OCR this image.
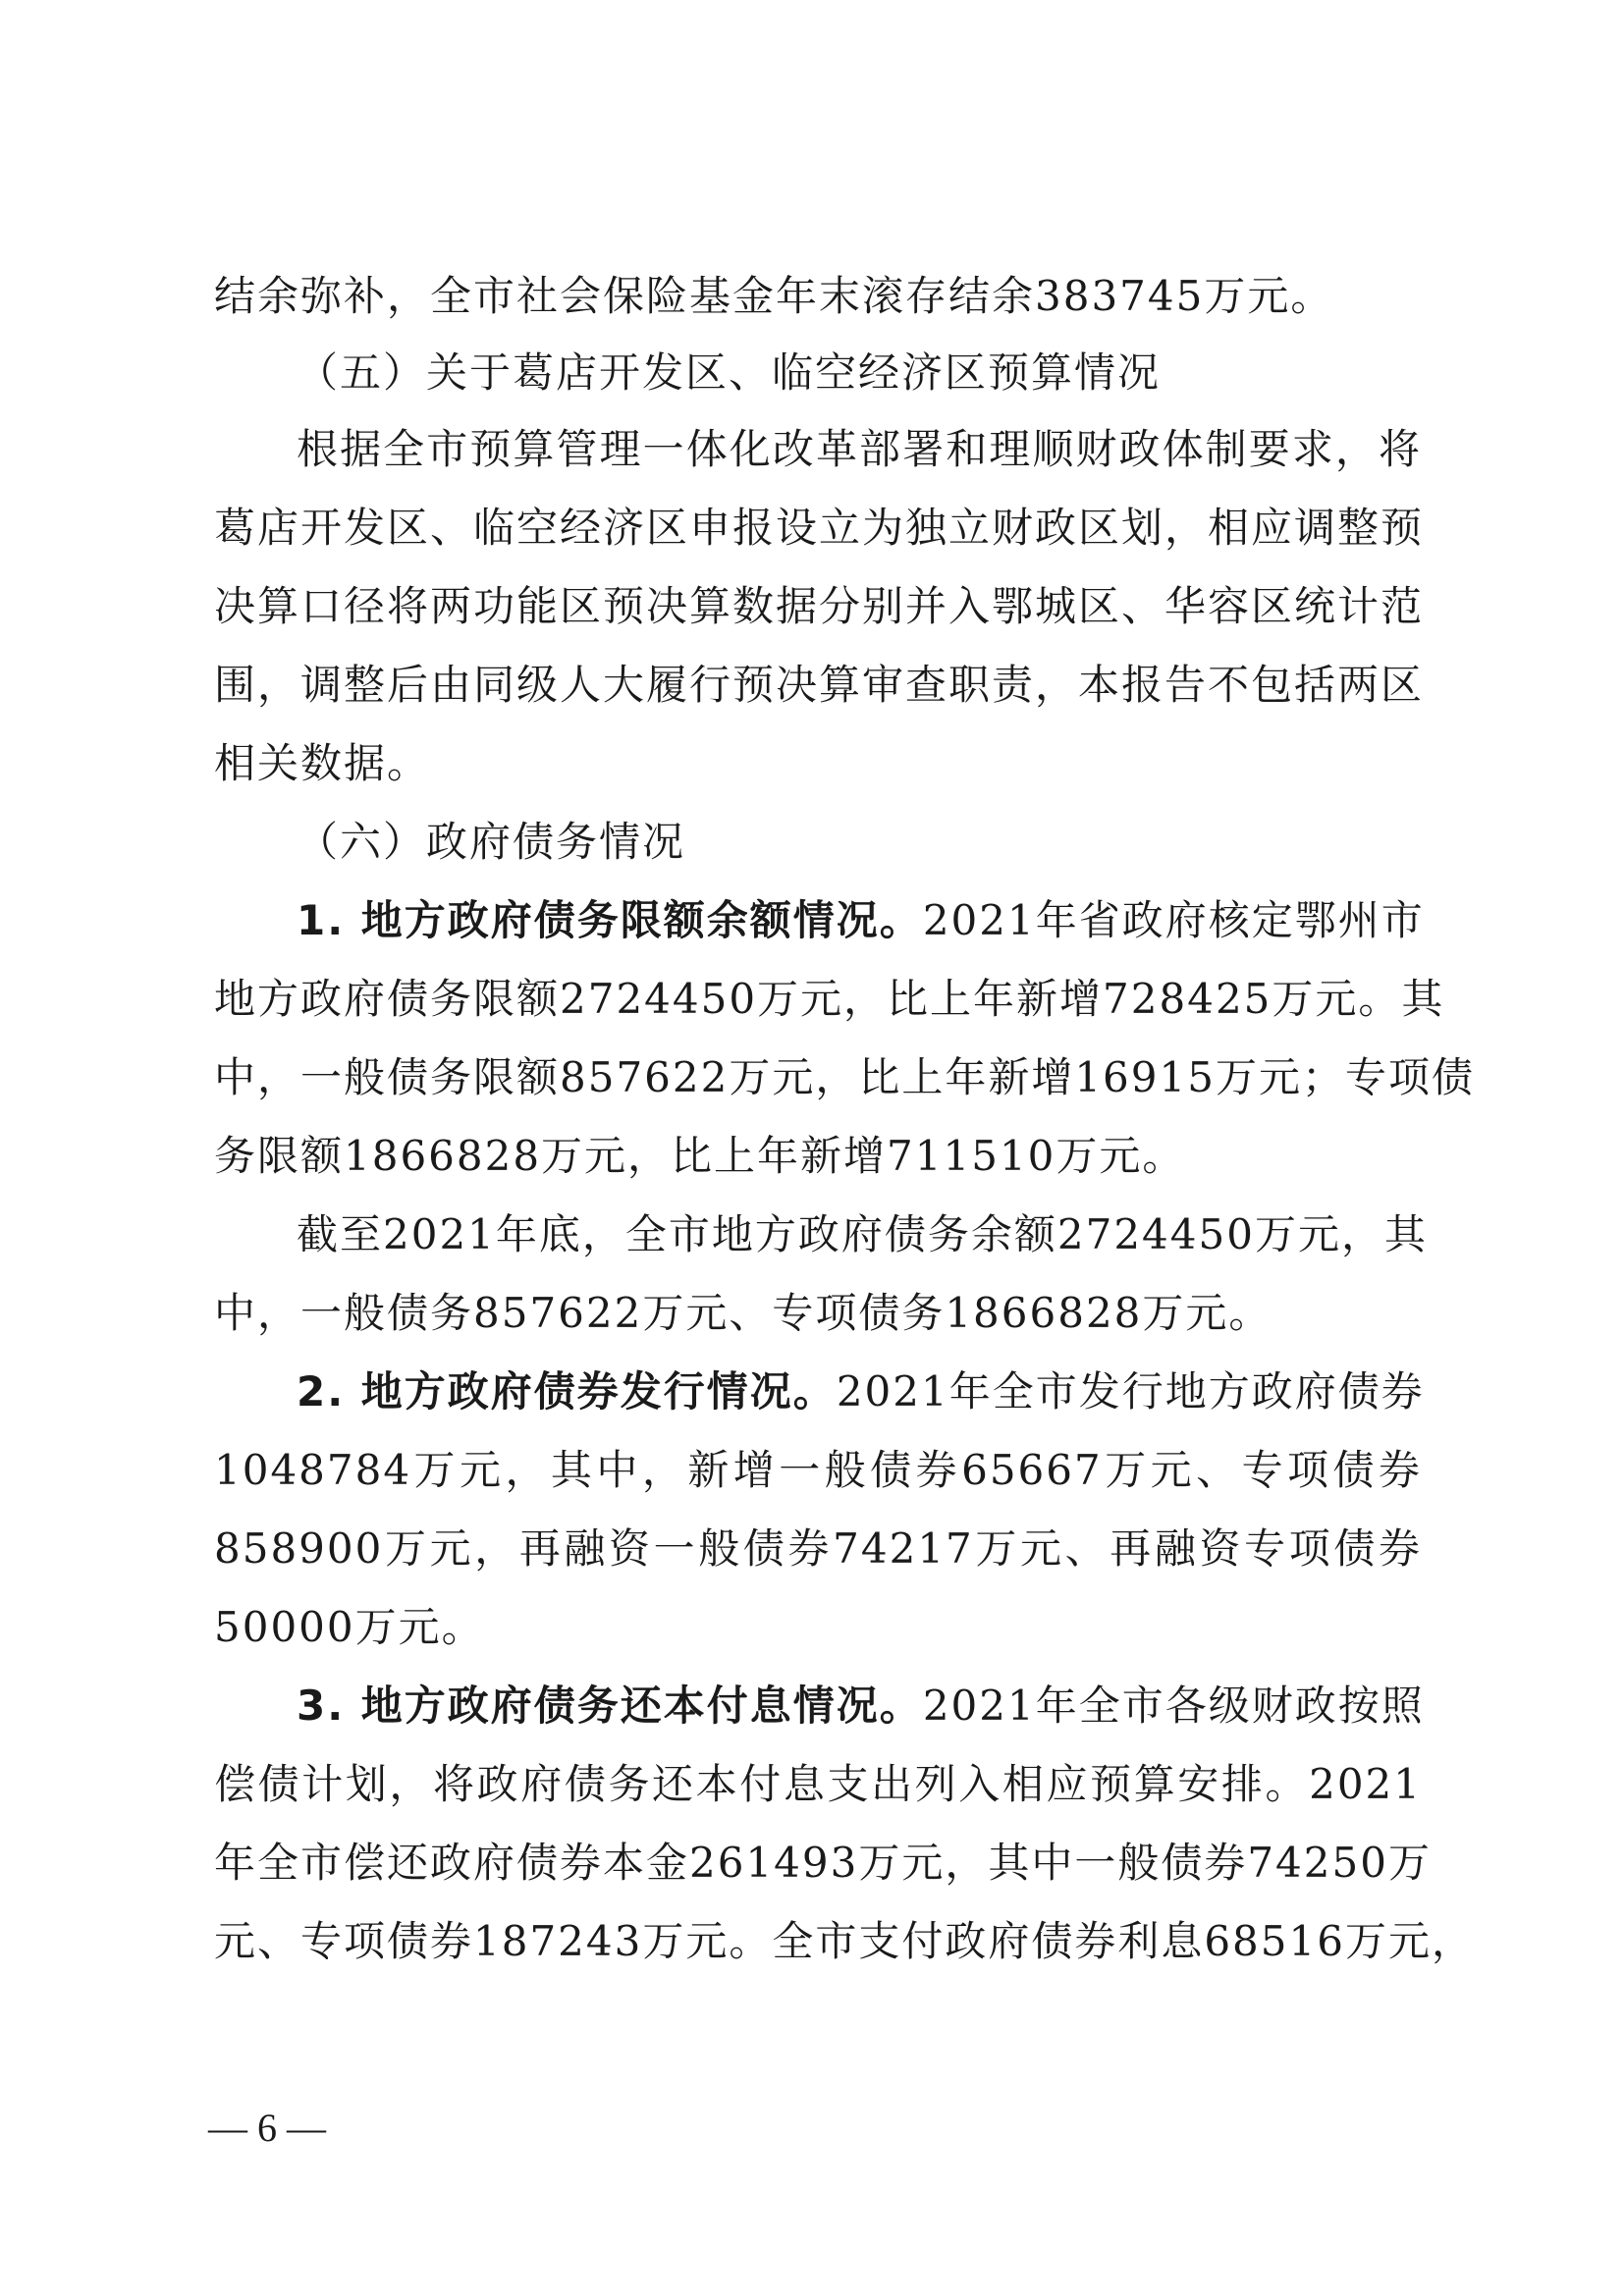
结余弥补，全市社会保险基金年末滚存结余383745万元。
（五）关于葛店开发区、临空经济区预算情况
根据全市预算管理一体化改革部署和理顺财政体制要求，将
葛店开发区、临空经济区申报设立为独立财政区划，相应调整预
决算口径将两功能区预决算数据分别并入鄂城区、华容区统计范
围，调整后由同级人大履行预决算审查职责，本报告不包括两区
相关数据。
（六）政府债务情况
1. 地方政府债务限额余额情况。2021年省政府核定鄂州市
地方政府债务限额2724450万元，比上年新增728425万元。其
中，一般债务限额857622万元，比上年新增16915万元；专项债
务限额1866828万元，比上年新增711510万元。
截至2021年底，全市地方政府债务余额2724450万元，其
中，一般债务857622万元、专项债务1866828万元。
2. 地方政府债券发行情况。2021年全市发行地方政府债券
1048784万元，其中，新增一般债券65667万元、专项债券
858900万元，再融资一般债券74217万元、再融资专项债券
50000万元。
3. 地方政府债务还本付息情况。2021年全市各级财政按照
偿债计划，将政府债务还本付息支出列入相应预算安排。2021
年全市偿还政府债券本金261493万元，其中一般债券74250万
元、专项债券187243万元。全市支付政府债券利息68516万元，
— 6 —
